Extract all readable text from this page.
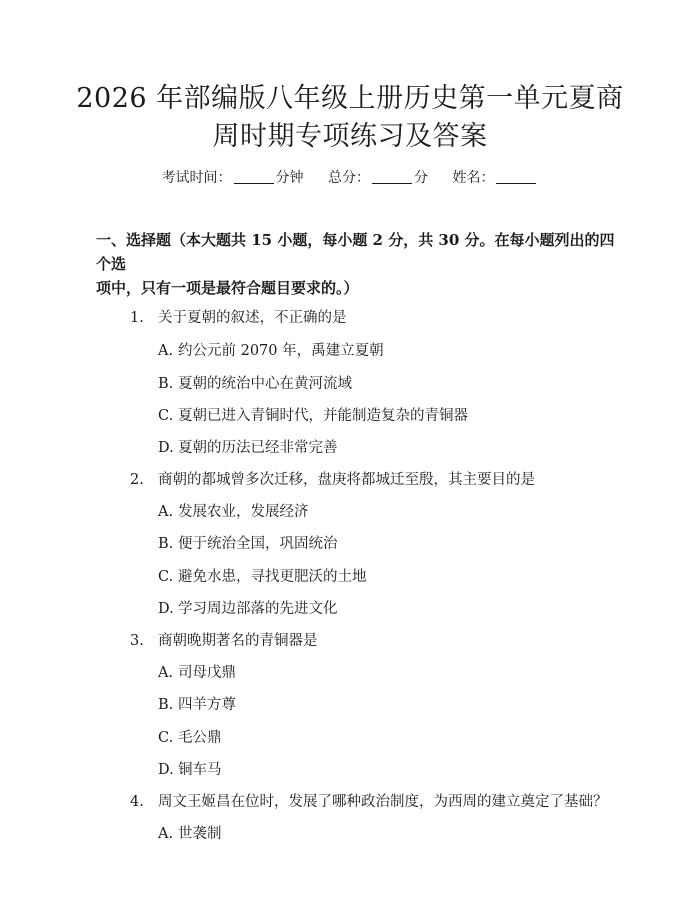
2026 年部编版八年级上册历史第一单元夏商
周时期专项练习及答案
考试时间：	分钟 总分：	分 姓名：
一、选择题（本大题共 15 小题，每小题 2 分，共 30 分。在每小题列出的四个选
项中，只有一项是最符合题目要求的。）
1. 关于夏朝的叙述，不正确的是
A. 约公元前 2070 年，禹建立夏朝
B. 夏朝的统治中心在黄河流域
C. 夏朝已进入青铜时代，并能制造复杂的青铜器
D. 夏朝的历法已经非常完善
2. 商朝的都城曾多次迁移，盘庚将都城迁至殷，其主要目的是
A. 发展农业，发展经济
B. 便于统治全国，巩固统治
C. 避免水患，寻找更肥沃的土地
D. 学习周边部落的先进文化
3. 商朝晚期著名的青铜器是
A. 司母戊鼎
B. 四羊方尊
C. 毛公鼎
D. 铜车马
4. 周文王姬昌在位时，发展了哪种政治制度，为西周的建立奠定了基础？
A. 世袭制
